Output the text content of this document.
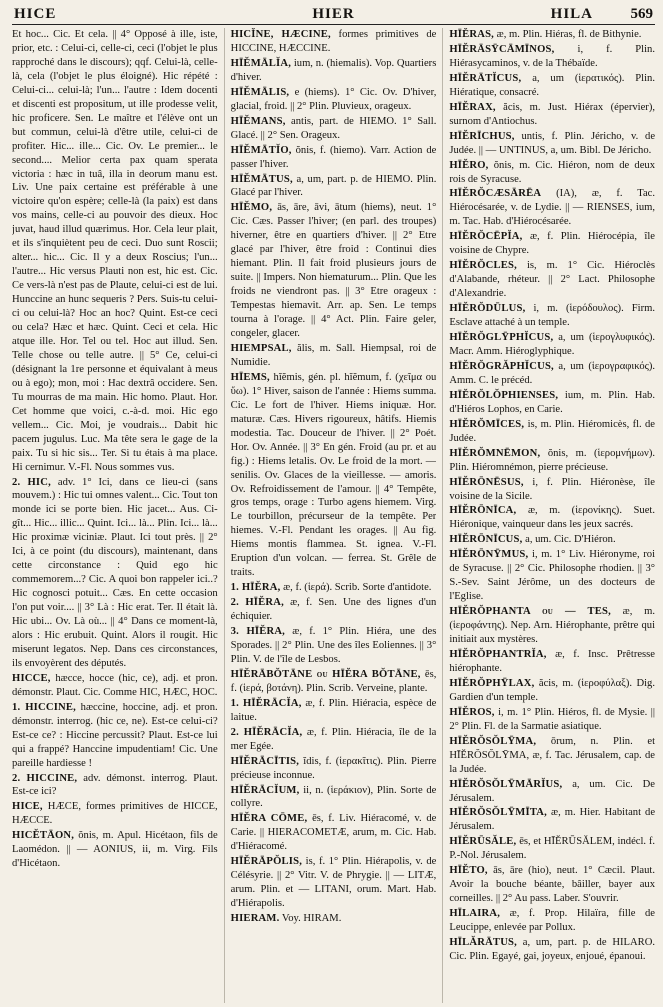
HICE	HIER	HILA	569

Et hoc... Cic. Et cela. || 4° Opposé à ille, iste, prior, etc. : Celui-ci, celle-ci, ceci (l'objet le plus rapproché dans le discours); qqf. Celui-là, celle-là, cela (l'objet le plus éloigné). Hic répété : Celui-ci... celui-là; l'un... l'autre : Idem docenti et discenti est propositum, ut ille prodesse velit, hic proficere. Sen. Le maître et l'élève ont un but commun, celui-là d'être utile, celui-ci de profiter. Hic... ille... Cic. Ov. Le premier... le second.... Melior certa pax quam sperata victoria : hæc in tuâ, illa in deorum manu est. Liv. Une paix certaine est préférable à une victoire qu'on espère; celle-là (la paix) est dans vos mains, celle-ci au pouvoir des dieux. Hoc juvat, haud illud quærimus. Hor. Cela leur plait, et ils s'inquiètent peu de ceci. Duo sunt Roscii; alter... hic... Cic. Il y a deux Roscius; l'un... l'autre... Hic versus Plauti non est, hic est. Cic. Ce vers-là n'est pas de Plaute, celui-ci est de lui. Hunccine an hunc sequeris ? Pers. Suis-tu celui-ci ou celui-là? Hoc an hoc? Quint. Est-ce ceci ou cela? Hæc et hæc. Quint. Ceci et cela. Hic atque ille. Hor. Tel ou tel. Hoc aut illud. Sen. Telle chose ou telle autre. || 5° Ce, celui-ci (désignant la 1re personne et équivalant à meus ou à ego); mon, moi : Hac dextrâ occidere. Sen. Tu mourras de ma main. Hic homo. Plaut. Hor. Cet homme que voici, c.-à-d. moi. Hic ego vellem... Cic. Moi, je voudrais... Dabit hic pacem jugulus. Luc. Ma tête sera le gage de la paix. Tu si hic sis... Ter. Si tu étais à ma place. Hi cernimur. V.-Fl. Nous sommes vus.

2. HIC, adv. 1° Ici, dans ce lieu-ci (sans mouvem.) : Hic tui omnes valent... Cic. Tout ton monde ici se porte bien. Hic jacet... Aus. Ci-gît... Hic... illic... Quint. Ici... là... Plin. Ici... là... Hic proximæ viciniæ. Plaut. Ici tout près. || 2° Ici, à ce point (du discours), maintenant, dans cette circonstance : Quid ego hic commemorem...? Cic. A quoi bon rappeler ici..? Hic cognosci potuit... Cæs. En cette occasion l'on put voir.... || 3° Là : Hic erat. Ter. Il était là. Hic ubi... Ov. Là où... || 4° Dans ce moment-là, alors : Hic erubuit. Quint. Alors il rougit. Hic miserunt legatos. Nep. Dans ces circonstances, ils envoyèrent des députés.

HICCE, hæcce, hocce (hic, ce), adj. et pron. démonstr. Plaut. Cic. Comme HIC, HÆC, HOC.

1. HICCINE, hæccine, hoccine, adj. et pron. démonstr. interrog. (hic ce, ne). Est-ce celui-ci? Est-ce ce? : Hiccine percussit? Plaut. Est-ce lui qui a frappé? Hanccine impudentiam! Cic. Une pareille hardiesse !

2. HICCINE, adv. démonst. interrog. Plaut. Est-ce ici?

HICE, HÆCE, formes primitives de HICCE, HÆCCE.

HICĔTĀON, ŏnis, m. Apul. Hicétaon, fils de Laomédon. || — AONIUS, ii, m. Virg. Fils d'Hicétaon.

HICĬNE, HÆCINE, formes primitives de HICCINE, HÆCCINE.

HĪĔMĀLĬA, ium, n. (hiemalis). Vop. Quartiers d'hiver.

HĪĔMĀLIS, e (hiems). 1° Cic. Ov. D'hiver, glacial, froid. || 2° Plin. Pluvieux, orageux.

HĪĔMANS, antis, part. de HIEMO. 1° Sall. Glacé. || 2° Sen. Orageux.

HĪĔMĀTĬO, ŏnis, f. (hiemo). Varr. Action de passer l'hiver.

HĪĔMĀTUS, a, um, part. p. de HIEMO. Plin. Glacé par l'hiver.

HĪĔMO, ās, āre, āvi, ātum (hiems), neut. 1° Cic. Cæs. Passer l'hiver; (en parl. des troupes) hiverner, être en quartiers d'hiver. || 2° Etre glacé par l'hiver, être froid : Continui dies hiemant. Plin. Il fait froid plusieurs jours de suite. || Impers. Non hiematurum... Plin. Que les froids ne viendront pas. || 3° Etre orageux : Tempestas hiemavit. Arr. ap. Sen. Le temps tourna à l'orage. || 4° Act. Plin. Faire geler, congeler, glacer.

HIEMPSAL, ălis, m. Sall. Hiempsal, roi de Numidie.

HĪEMS, hĭĕmis, gén. pl. hĭĕmum, f. (χεῖμα ou ὕω). 1° Hiver, saison de l'année : Hiems summa. Cic. Le fort de l'hiver. Hiems iniquæ. Hor. maturæ. Cæs. Hivers rigoureux, hâtifs. Hiemis modestia. Tac. Douceur de l'hiver. || 2° Poét. Hor. Ov. Année. || 3° En gén. Froid (au pr. et au fig.) : Hiems letalis. Ov. Le froid de la mort. — senilis. Ov. Glaces de la vieillesse. — amoris. Ov. Refroidissement de l'amour. || 4° Tempête, gros temps, orage : Turbo agens hiemem. Virg. Le tourbillon, précurseur de la tempête. Per hiemes. V.-Fl. Pendant les orages. || Au fig. Hiems montis flammea. St. ignea. V.-Fl. Eruption d'un volcan. — ferrea. St. Grêle de traits.

1. HĪĔRA, æ, f. (ἱερά). Scrib. Sorte d'antidote.

2. HĪĔRA, æ, f. Sen. Une des lignes d'un échiquier.

3. HĪĔRA, æ, f. 1° Plin. Hiéra, une des Sporades. || 2° Plin. Une des îles Eoliennes. || 3° Plin. V. de l'île de Lesbos.

HĪĔRĀBŎTĀNE ou HĪĔRA BŎTĀNE, ēs, f. (ἱερά, βοτάνη). Plin. Scrib. Verveine, plante.

1. HĪĔRĀCĬA, æ, f. Plin. Hiéracia, espèce de laitue.

2. HĪĔRĀCĬA, æ, f. Plin. Hiéracia, île de la mer Egée.

HĪĔRĀCĪTIS, ĭdis, f. (ἱερακῖτις). Plin. Pierre précieuse inconnue.

HĪĔRĀCĬUM, ii, n. (ἱεράκιον), Plin. Sorte de collyre.

HĪĔRA CŌME, ēs, f. Liv. Hiéracomé, v. de Carie. || HIERACOMETÆ, arum, m. Cic. Hab. d'Hiéracomé.

HĪĔRĀPŎLIS, is, f. 1° Plin. Hiérapolis, v. de Célésyrie. || 2° Vitr. V. de Phrygie. || — LITÆ, arum. Plin. et — LITANI, orum. Mart. Hab. d'Hiérapolis.

HIERAM. Voy. HIRAM.

HĪĔRAS, æ, m. Plin. Hiéras, fl. de Bithynie.

HĪĔRĀSȲCĀMĪNOS, i, f. Plin. Hiérasycaminos, v. de la Thébaïde.

HĪĔRĀTĬCUS, a, um (ἱερατικός). Plin. Hiératique, consacré.

HĪĔRAX, ăcis, m. Just. Hiérax (épervier), surnom d'Antiochus.

HĪĔRĪCHUS, untis, f. Plin. Jéricho, v. de Judée. || — UNTINUS, a, um. Bibl. De Jéricho.

HĪĔRO, ŏnis, m. Cic. Hiéron, nom de deux rois de Syracuse.

HĪĔRŎCÆSĀRĒA (IA), æ, f. Tac. Hiérocésarée, v. de Lydie. || — RIENSES, ium, m. Tac. Hab. d'Hiérocésarée.

HĪĔRŎCĒPĬA, æ, f. Plin. Hiérocépia, île voisine de Chypre.

HĪĔRŎCLES, is, m. 1° Cic. Hiéroclès d'Alabande, rhéteur. || 2° Lact. Philosophe d'Alexandrie.

HĪĔRŎDŪLUS, i, m. (ἱερόδουλος). Firm. Esclave attaché à un temple.

HĪĔRŎGLȲPHĬCUS, a, um (ἱερογλυφικός). Macr. Amm. Hiéroglyphique.

HĪĔRŎGRĂPHĬCUS, a, um (ἱερογραφικός). Amm. C. le précéd.

HĪĔRŎLŎPHIENSES, ium, m. Plin. Hab. d'Hiéros Lophos, en Carie.

HĪĔRŎMĪCES, is, m. Plin. Hiéromicès, fl. de Judée.

HĪĔRŎMNĒMON, ŏnis, m. (ἱερομνήμων). Plin. Hiéromnémon, pierre précieuse.

HĪĔRŌNĒSUS, i, f. Plin. Hiéronèse, île voisine de la Sicile.

HĪĔRŌNĪCA, æ, m. (ἱερονίκης). Suet. Hiéronique, vainqueur dans les jeux sacrés.

HĪĔRŌNĪCUS, a, um. Cic. D'Hiéron.

HĪĔRŌNȲMUS, i, m. 1° Liv. Hiéronyme, roi de Syracuse. || 2° Cic. Philosophe rhodien. || 3° S.-Sev. Saint Jérôme, un des docteurs de l'Eglise.

HĪĔRŎPHANTA ou — TES, æ, m. (ἱεροφάντης). Nep. Arn. Hiérophante, prêtre qui initiait aux mystères.

HĪĔRŎPHANTRĬA, æ, f. Insc. Prêtresse hiérophante.

HĪĔRŎPHȲLAX, ăcis, m. (ἱεροφύλαξ). Dig. Gardien d'un temple.

HĪĔROS, i, m. 1° Plin. Hiéros, fl. de Mysie. || 2° Plin. Fl. de la Sarmatie asiatique.

HĪĔRŎSŎLȲMA, ōrum, n. Plin. et HĪĔRŎSŎLȲMA, æ, f. Tac. Jérusalem, cap. de la Judée.

HĪĔRŎSŎLȲMĀRĬUS, a, um. Cic. De Jérusalem.

HĪĔRŎSŎLȲMĪTA, æ, m. Hier. Habitant de Jérusalem.

HĪĔRŪSĂLE, ēs, et HĪĔRŪSĂLEM, indécl. f. P.-Nol. Jérusalem.

HĪĔTO, ās, āre (hio), neut. 1° Cæcil. Plaut. Avoir la bouche béante, bâiller, bayer aux corneilles. || 2° Au pass. Laber. S'ouvrir.

HĪLAIRA, æ, f. Prop. Hilaïra, fille de Leucippe, enlevée par Pollux.

HĪLĂRĀTUS, a, um, part. p. de HILARO. Cic. Plin. Egayé, gai, joyeux, enjoué, épanoui.
